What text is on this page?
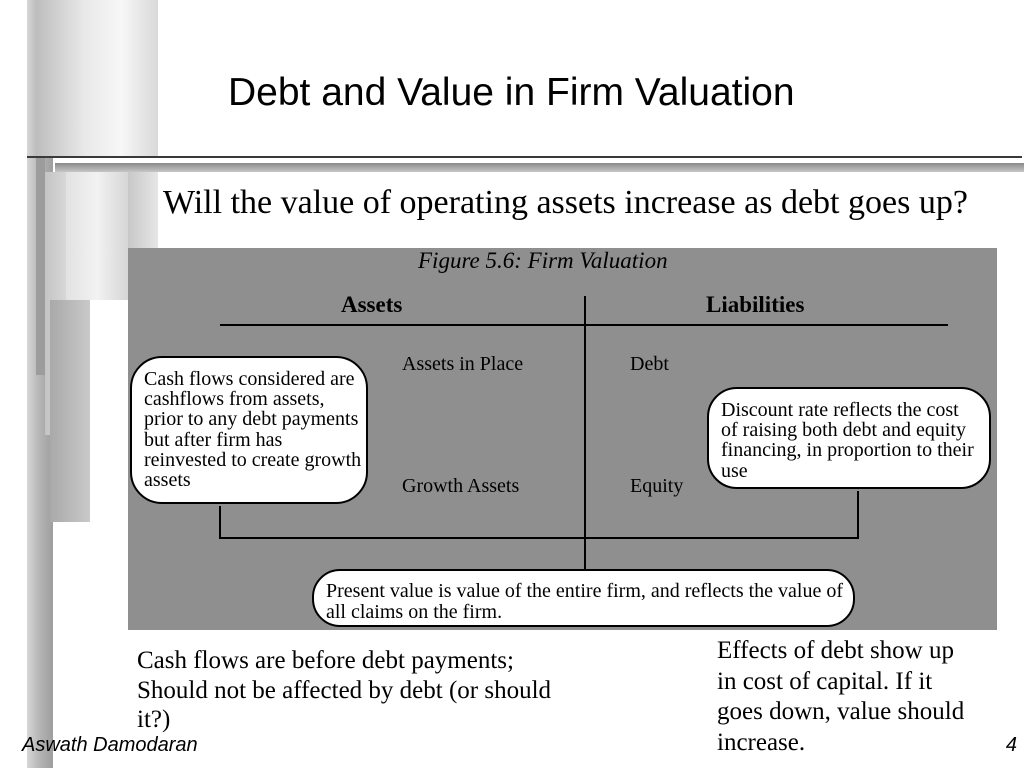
Debt and Value in Firm Valuation
Will the value of operating assets increase as debt goes up?
Figure 5.6: Firm Valuation
Assets	Liabilities
Assets in Place
Growth Assets
Debt
Equity
Cash flows considered are
cashflows from assets,
prior to any debt payments
but after firm has
reinvested to create growth
assets
Discount rate reflects the cost
of raising both debt and equity
financing, in proportion to their
use
Present value is value of the entire firm, and reflects the value of
all claims on the firm.
Cash flows are before debt payments;
Should not be affected by debt (or should
it?)
Effects of debt show up
in cost of capital. If it
goes down, value should
increase.
Aswath Damodaran	4
